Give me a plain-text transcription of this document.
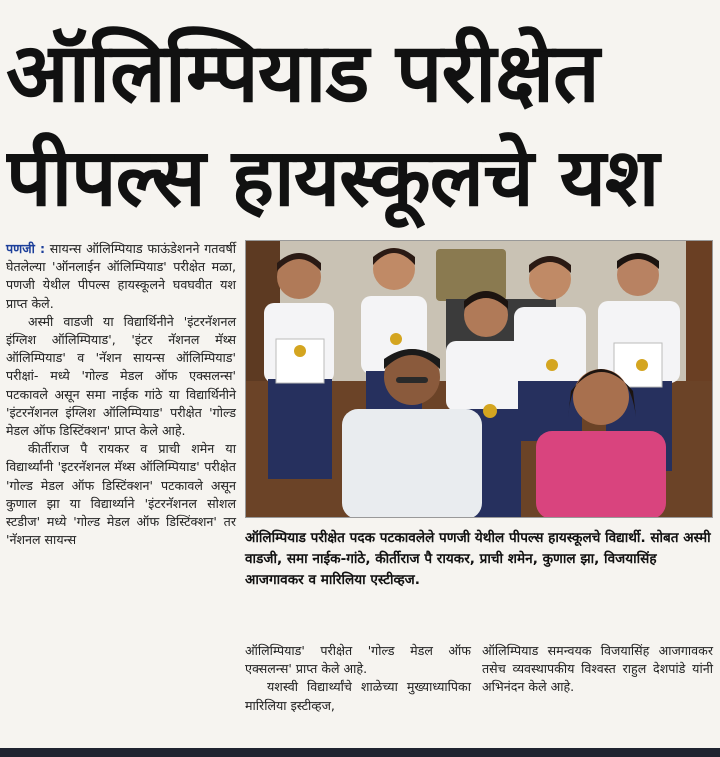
ऑलिम्पियाड परीक्षेत
पीपल्स हायस्कूलचे यश

पणजी : सायन्स ऑलिम्पियाड फाऊंडेशनने गतवर्षी घेतलेल्या 'ऑनलाईन ऑलिम्पियाड' परीक्षेत मळा, पणजी येथील पीपल्स हायस्कूलने घवघवीत यश प्राप्त केले.

अस्मी वाडजी या विद्यार्थिनीने 'इंटरनॅशनल इंग्लिश ऑलिम्पियाड', 'इंटर नॅशनल मॅथ्स ऑलिम्पियाड' व 'नॅशन सायन्स ऑलिम्पियाड' परीक्षां- मध्ये 'गोल्ड मेडल ऑफ एक्सलन्स' पटकावले असून समा नाईक गांठे या विद्यार्थिनीने 'इंटरनॅशनल इंग्लिश ऑलिम्पियाड' परीक्षेत 'गोल्ड मेडल ऑफ डिस्टिंक्शन' प्राप्त केले आहे.

कीर्तीराज पै रायकर व प्राची शमेन या विद्यार्थ्यांनी 'इटरनॅशनल मॅथ्स ऑलिम्पियाड' परीक्षेत 'गोल्ड मेडल ऑफ डिस्टिंक्शन' पटकावले असून कुणाल झा या विद्यार्थ्याने 'इंटरनॅशनल सोशल स्टडीज' मध्ये 'गोल्ड मेडल ऑफ डिस्टिंक्शन' तर 'नॅशनल सायन्स	ऑलिम्पियाड परीक्षेत पदक पटकावलेले पणजी येथील पीपल्स हायस्कूलचे विद्यार्थी. सोबत अस्मी वाडजी, समा नाईक-गांठे, कीर्तीराज पै रायकर, प्राची शमेन, कुणाल झा, विजयासिंह आजगावकर व मारिलिया एस्टीव्हज.

ऑलिम्पियाड' परीक्षेत 'गोल्ड मेडल ऑफ एक्सलन्स' प्राप्त केले आहे.

यशस्वी विद्यार्थ्यांचे शाळेच्या मुख्याध्यापिका मारिलिया इस्टीव्हज,

ऑलिम्पियाड समन्वयक विजयासिंह आजगावकर तसेच व्यवस्थापकीय विश्वस्त राहुल देशपांडे यांनी अभिनंदन केले आहे.
